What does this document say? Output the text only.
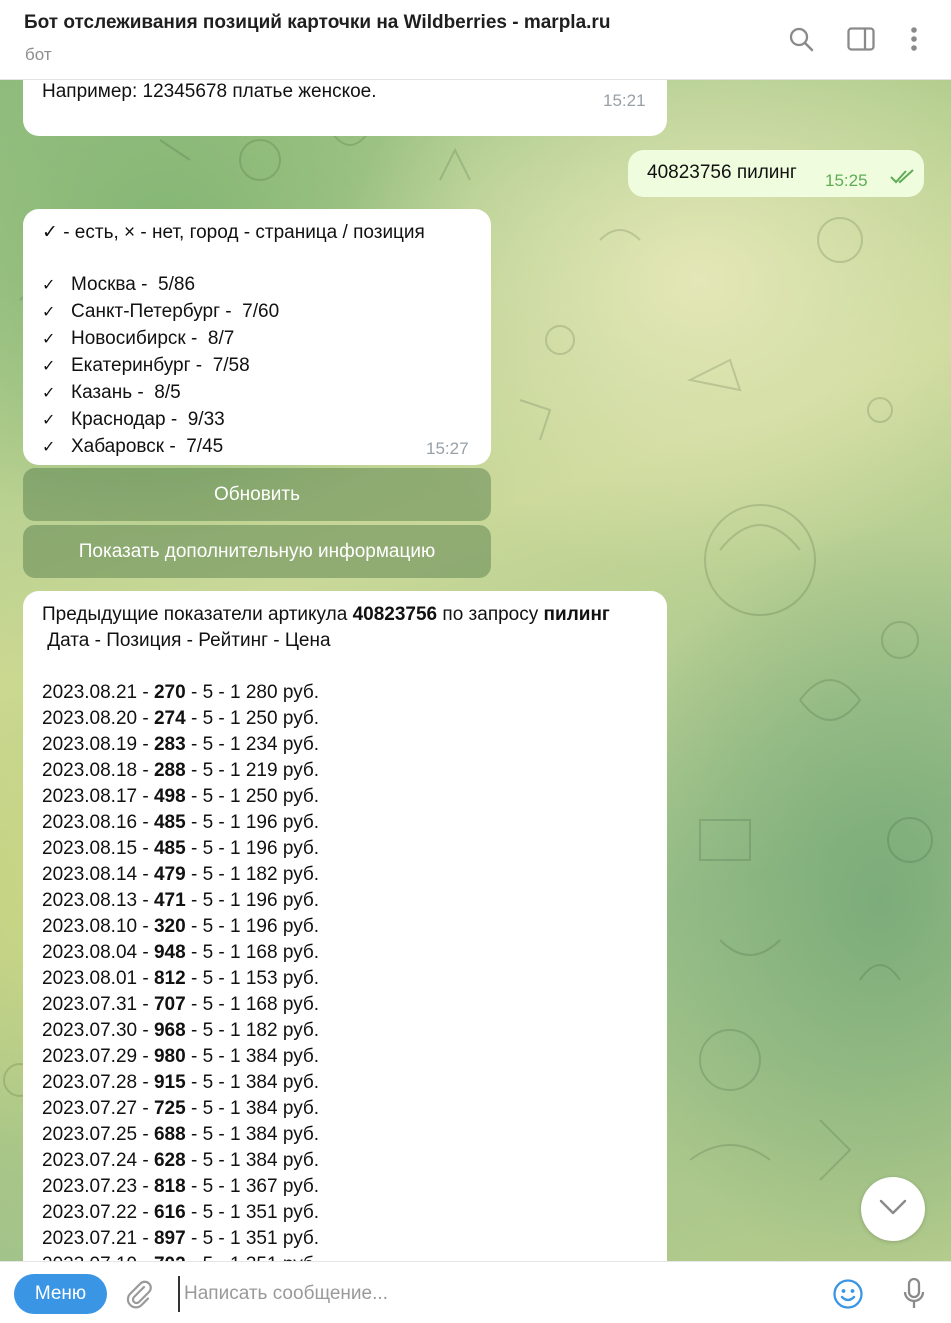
Бот отслеживания позиций карточки на Wildberries - marpla.ru
бот
Например: 12345678 платье женское.	15:21
40823756 пилинг 15:25
✓ - есть, × - нет, город - страница / позиция
✓ Москва -  5/86
✓ Санкт-Петербург -  7/60
✓ Новосибирск -  8/7
✓ Екатеринбург -  7/58
✓ Казань -  8/5
✓ Краснодар -  9/33
✓ Хабаровск -  7/45	15:27
Обновить
Показать дополнительную информацию
Предыдущие показатели артикула 40823756 по запросу пилинг
Дата - Позиция - Рейтинг - Цена
2023.08.21 - 270 - 5 - 1 280 руб.
2023.08.20 - 274 - 5 - 1 250 руб.
2023.08.19 - 283 - 5 - 1 234 руб.
2023.08.18 - 288 - 5 - 1 219 руб.
2023.08.17 - 498 - 5 - 1 250 руб.
2023.08.16 - 485 - 5 - 1 196 руб.
2023.08.15 - 485 - 5 - 1 196 руб.
2023.08.14 - 479 - 5 - 1 182 руб.
2023.08.13 - 471 - 5 - 1 196 руб.
2023.08.10 - 320 - 5 - 1 196 руб.
2023.08.04 - 948 - 5 - 1 168 руб.
2023.08.01 - 812 - 5 - 1 153 руб.
2023.07.31 - 707 - 5 - 1 168 руб.
2023.07.30 - 968 - 5 - 1 182 руб.
2023.07.29 - 980 - 5 - 1 384 руб.
2023.07.28 - 915 - 5 - 1 384 руб.
2023.07.27 - 725 - 5 - 1 384 руб.
2023.07.25 - 688 - 5 - 1 384 руб.
2023.07.24 - 628 - 5 - 1 384 руб.
2023.07.23 - 818 - 5 - 1 367 руб.
2023.07.22 - 616 - 5 - 1 351 руб.
2023.07.21 - 897 - 5 - 1 351 руб.
Меню
Написать сообщение...
